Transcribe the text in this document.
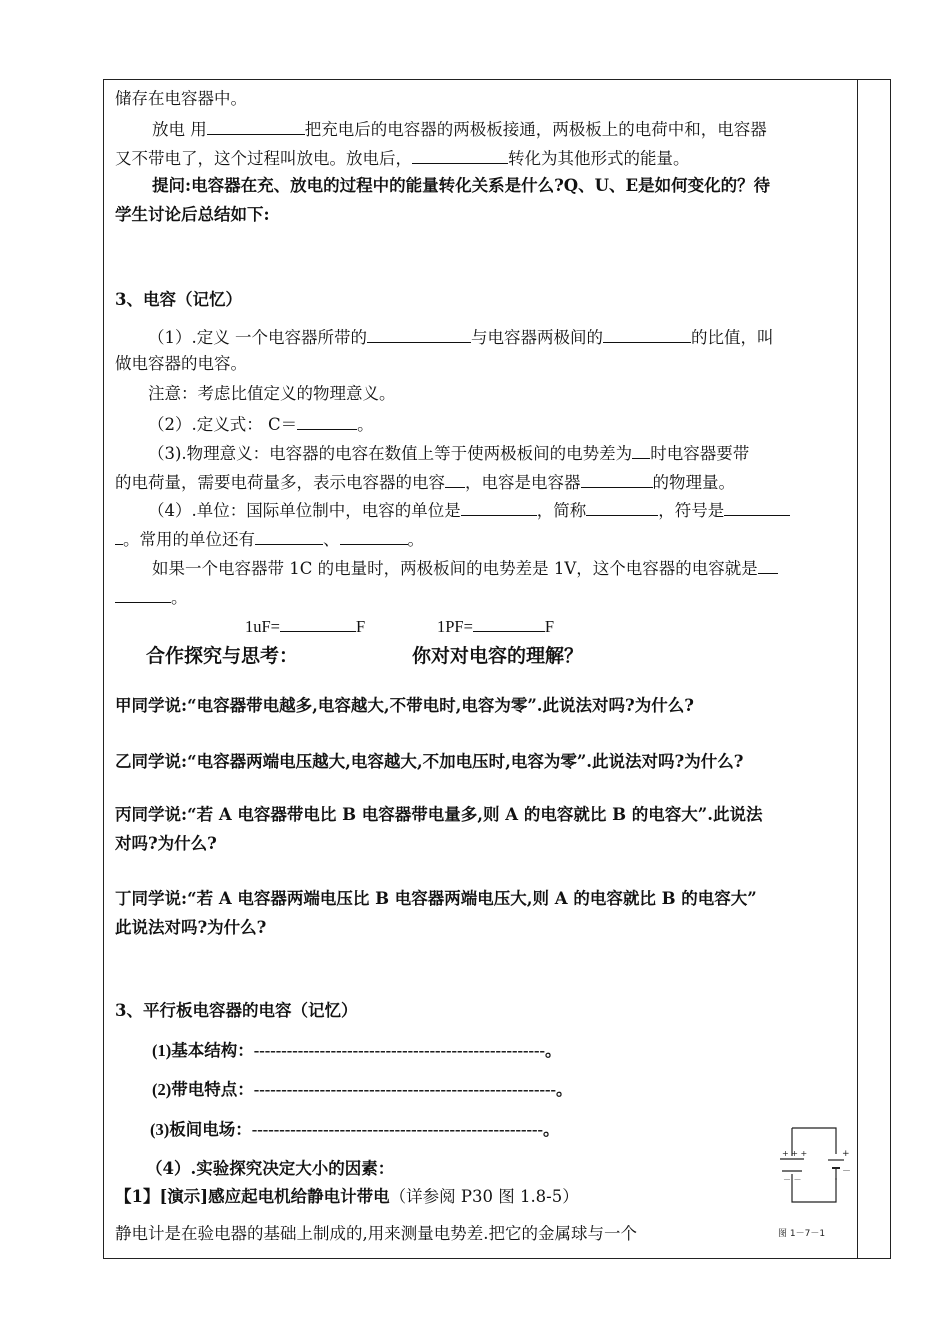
储存在电容器中。
放电 用	把充电后的电容器的两极板接通，两极板上的电荷中和，电容器
又不带电了，这个过程叫放电。放电后，	转化为其他形式的能量。
提问:电容器在充、放电的过程中的能量转化关系是什么?Q、U、E是如何变化的？待
学生讨论后总结如下:
3、电容（记忆）
（1）.定义 一个电容器所带的	与电容器两极间的	的比值，叫
做电容器的电容。
注意：考虑比值定义的物理意义。
（2）.定义式： C＝	。
（3).物理意义：电容器的电容在数值上等于使两极板间的电势差为 时电容器要带
的电荷量，需要电荷量多，表示电容器的电容 ，电容是电容器	的物理量。
（4）.单位：国际单位制中，电容的单位是	，简称	，符号是
。常用的单位还有	、	。
如果一个电容器带 1C 的电量时，两极板间的电势差是 1V，这个电容器的电容就是
。
1uF=	F	1PF=	F
合作探究与思考：	你对对电容的理解？
甲同学说:“电容器带电越多,电容越大,不带电时,电容为零”.此说法对吗?为什么?
乙同学说:“电容器两端电压越大,电容越大,不加电压时,电容为零”.此说法对吗?为什么?
丙同学说:“若 A 电容器带电比 B 电容器带电量多,则 A 的电容就比 B 的电容大”.此说法
对吗?为什么?
丁同学说:“若 A 电容器两端电压比 B 电容器两端电压大,则 A 的电容就比 B 的电容大”
此说法对吗?为什么?
3、平行板电容器的电容（记忆）
(1)基本结构：-----------------------------------------------------。
(2)带电特点：-------------------------------------------------------。
(3)板间电场：-----------------------------------------------------。
（4）.实验探究决定大小的因素：
【1】[演示]感应起电机给静电计带电（详参阅 P30 图 1.8-5）
静电计是在验电器的基础上制成的,用来测量电势差.把它的金属球与一个
+ + +
－ －
+
－
图 1－7－1
